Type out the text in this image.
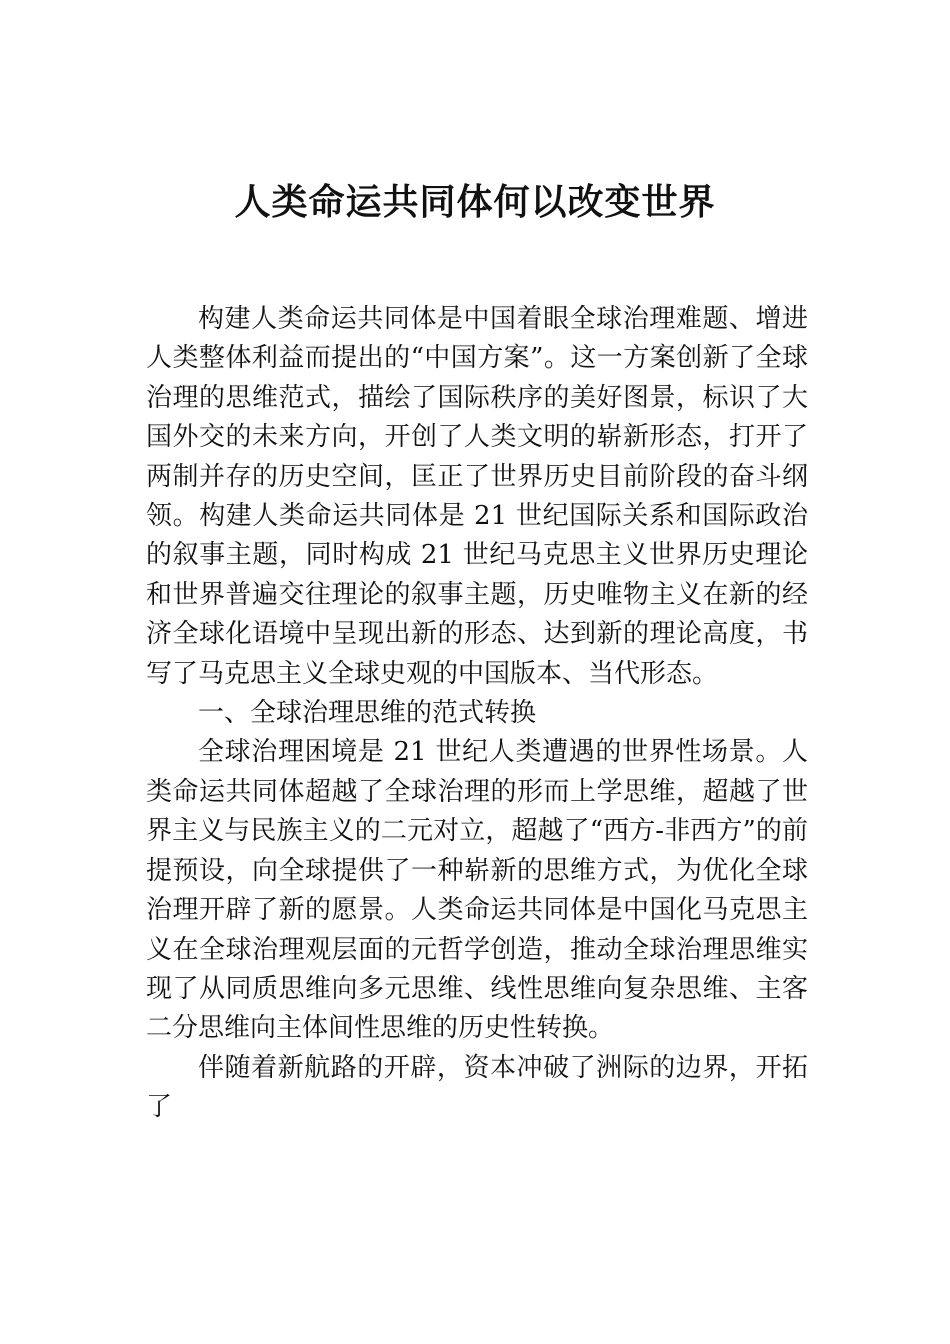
人类命运共同体何以改变世界

构建人类命运共同体是中国着眼全球治理难题、增进人类整体利益而提出的“中国方案”。这一方案创新了全球治理的思维范式，描绘了国际秩序的美好图景，标识了大国外交的未来方向，开创了人类文明的崭新形态，打开了两制并存的历史空间，匡正了世界历史目前阶段的奋斗纲领。构建人类命运共同体是 21 世纪国际关系和国际政治的叙事主题，同时构成 21 世纪马克思主义世界历史理论和世界普遍交往理论的叙事主题，历史唯物主义在新的经济全球化语境中呈现出新的形态、达到新的理论高度，书写了马克思主义全球史观的中国版本、当代形态。

一、全球治理思维的范式转换

全球治理困境是 21 世纪人类遭遇的世界性场景。人类命运共同体超越了全球治理的形而上学思维，超越了世界主义与民族主义的二元对立，超越了“西方-非西方”的前提预设，向全球提供了一种崭新的思维方式，为优化全球治理开辟了新的愿景。人类命运共同体是中国化马克思主义在全球治理观层面的元哲学创造，推动全球治理思维实现了从同质思维向多元思维、线性思维向复杂思维、主客二分思维向主体间性思维的历史性转换。

伴随着新航路的开辟，资本冲破了洲际的边界，开拓了
